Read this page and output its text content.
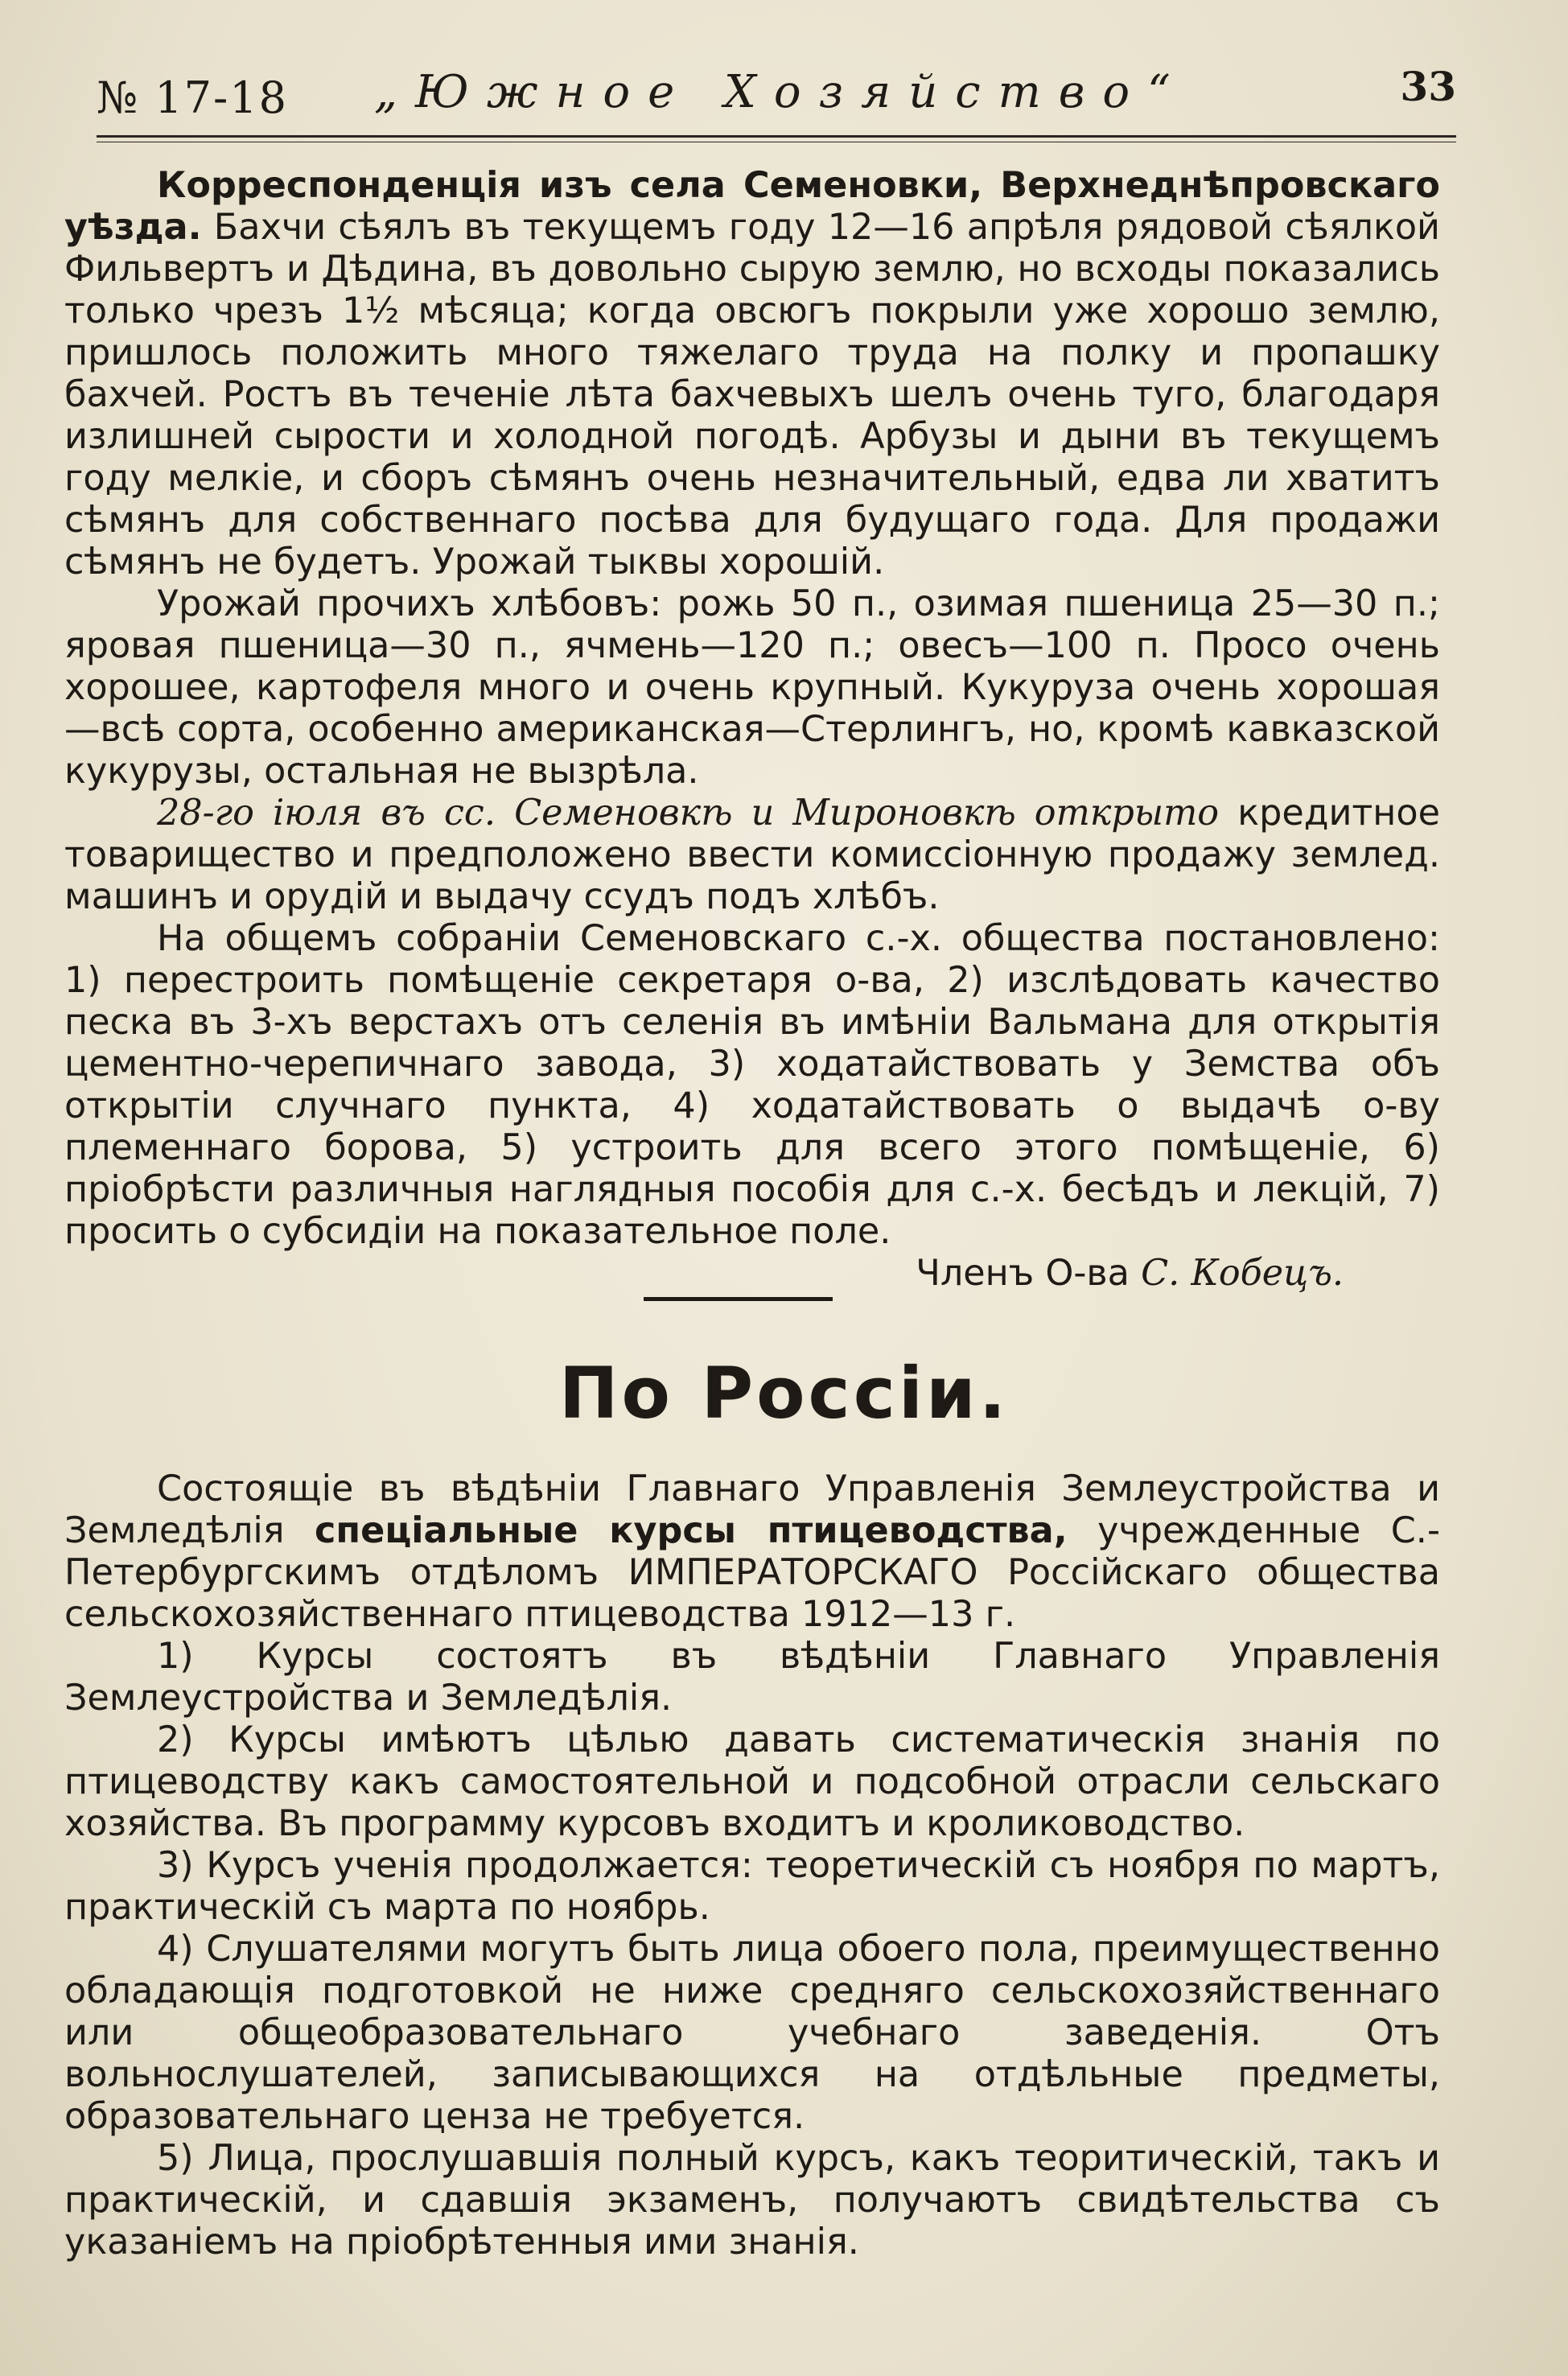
№ 17-18 „Южное Хозяйство“	33

Корреспонденція изъ села Семеновки, Верхнеднѣпровскаго уѣзда. Бахчи сѣялъ въ текущемъ году 12—16 апрѣля рядовой сѣялкой Фильвертъ и Дѣдина, въ довольно сырую землю, но всходы показались только чрезъ 1½ мѣсяца; когда овсюгъ покрыли уже хорошо землю, пришлось положить много тяжелаго труда на полку и пропашку бахчей. Ростъ въ теченіе лѣта бахчевыхъ шелъ очень туго, благодаря излишней сырости и холодной погодѣ. Арбузы и дыни въ текущемъ году мелкіе, и сборъ сѣмянъ очень незначительный, едва ли хватитъ сѣмянъ для собственнаго посѣва для будущаго года. Для продажи сѣмянъ не будетъ. Урожай тыквы хорошій.

Урожай прочихъ хлѣбовъ: рожь 50 п., озимая пшеница 25—30 п.; яровая пшеница—30 п., ячмень—120 п.; овесъ—100 п. Просо очень хорошее, картофеля много и очень крупный. Кукуруза очень хорошая—всѣ сорта, особенно американская—Стерлингъ, но, кромѣ кавказской кукурузы, остальная не вызрѣла.

28-го іюля въ сс. Семеновкѣ и Мироновкѣ открыто кредитное товарищество и предположено ввести комиссіонную продажу землед. машинъ и орудій и выдачу ссудъ подъ хлѣбъ.

На общемъ собраніи Семеновскаго с.-х. общества постановлено: 1) перестроить помѣщеніе секретаря о-ва, 2) изслѣдовать качество песка въ 3-хъ верстахъ отъ селенія въ имѣніи Вальмана для открытія цементно-черепичнаго завода, 3) ходатайствовать у Земства объ открытіи случнаго пункта, 4) ходатайствовать о выдачѣ о-ву племеннаго борова, 5) устроить для всего этого помѣщеніе, 6) пріобрѣсти различныя наглядныя пособія для с.-х. бесѣдъ и лекцій, 7) просить о субсидіи на показательное поле.

Членъ О-ва С. Кобецъ.

По Россіи.

Состоящіе въ вѣдѣніи Главнаго Управленія Землеустройства и Земледѣлія спеціальные курсы птицеводства, учрежденные С.-Петербургскимъ отдѣломъ ИМПЕРАТОРСКАГО Россійскаго общества сельскохозяйственнаго птицеводства 1912—13 г.

1) Курсы состоятъ въ вѣдѣніи Главнаго Управленія Землеустройства и Земледѣлія.

2) Курсы имѣютъ цѣлью давать систематическія знанія по птицеводству какъ самостоятельной и подсобной отрасли сельскаго хозяйства. Въ программу курсовъ входитъ и кролиководство.

3) Курсъ ученія продолжается: теоретическій съ ноября по мартъ, практическій съ марта по ноябрь.

4) Слушателями могутъ быть лица обоего пола, преимущественно обладающія подготовкой не ниже средняго сельскохозяйственнаго или общеобразовательнаго учебнаго заведенія. Отъ вольнослушателей, записывающихся на отдѣльные предметы, образовательнаго ценза не требуется.

5) Лица, прослушавшія полный курсъ, какъ теоритическій, такъ и практическій, и сдавшія экзаменъ, получаютъ свидѣтельства съ указаніемъ на пріобрѣтенныя ими знанія.
